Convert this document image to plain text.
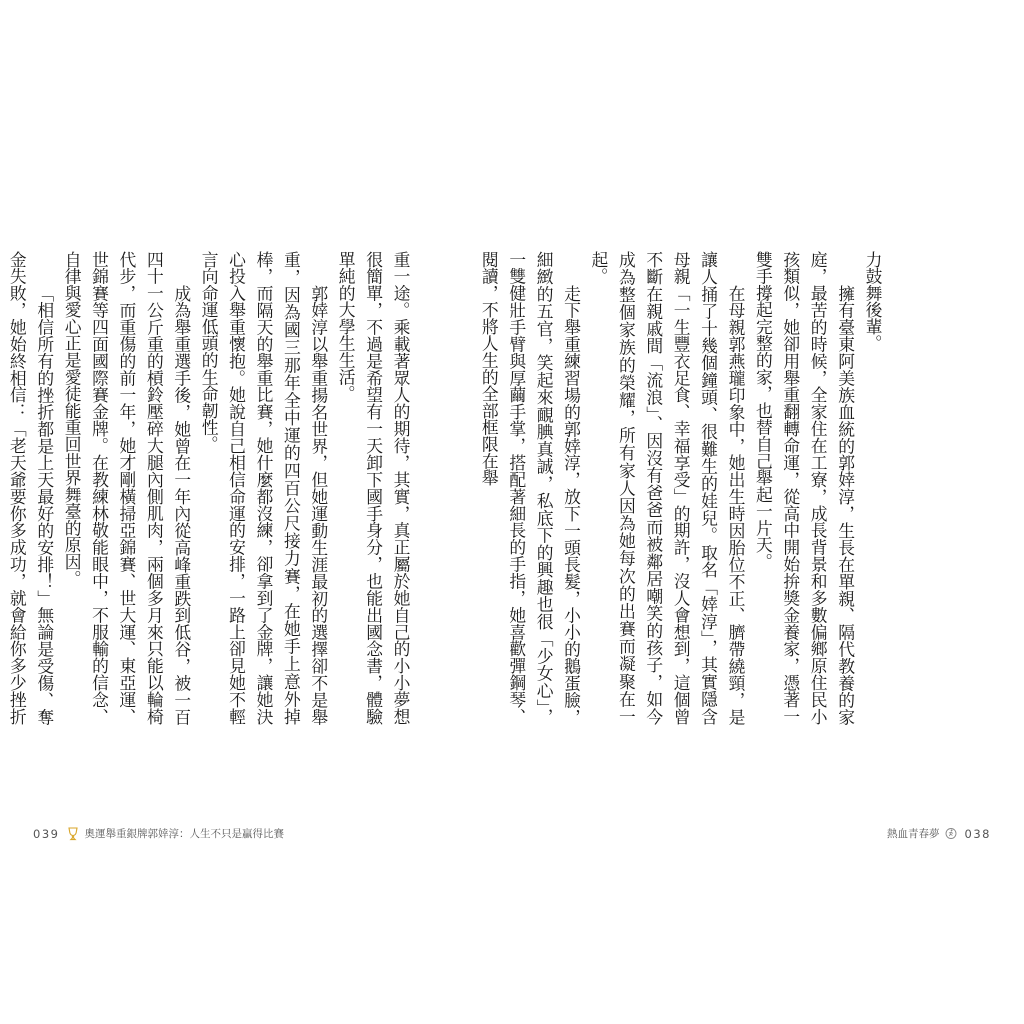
重一途。乘載著眾人的期待，其實，真正屬於她自己的小小夢想很簡單，不過是希望有一天卸下國手身分，也能出國念書，體驗單純的大學生生活。

郭婞淳以舉重揚名世界，但她運動生涯最初的選擇卻不是舉重，因為國三那年全中運的四百公尺接力賽，在她手上意外掉棒，而隔天的舉重比賽，她什麼都沒練，卻拿到了金牌，讓她決心投入舉重懷抱。她說自己相信命運的安排，一路上卻見她不輕言向命運低頭的生命韌性。

成為舉重選手後，她曾在一年內從高峰重跌到低谷，被一百四十一公斤重的槓鈴壓碎大腿內側肌肉，兩個多月來只能以輪椅代步，而重傷的前一年，她才剛橫掃亞錦賽、世大運、東亞運、世錦賽等四面國際賽金牌。在教練林敬能眼中，不服輸的信念、自律與愛心正是愛徒能重回世界舞臺的原因。

「相信所有的挫折都是上天最好的安排！」無論是受傷、奪金失敗，她始終相信：「老天爺要你多成功，就會給你多少挫折

039 奧運舉重銀牌郭婞淳：人生不只是贏得比賽

力鼓舞後輩。

擁有臺東阿美族血統的郭婞淳，生長在單親、隔代教養的家庭，最苦的時候，全家住在工寮，成長背景和多數偏鄉原住民小孩類似，她卻用舉重翻轉命運，從高中開始拚獎金養家，憑著一雙手撐起完整的家，也替自己舉起一片天。

在母親郭燕瓏印象中，她出生時因胎位不正、臍帶繞頸，是讓人捅了十幾個鐘頭、很難生的娃兒。取名「婞淳」，其實隱含母親「一生豐衣足食、幸福享受」的期許，沒人會想到，這個曾不斷在親戚間「流浪」、因沒有爸爸而被鄰居嘲笑的孩子，如今成為整個家族的榮耀，所有家人因為她每次的出賽而凝聚在一起。

走下舉重練習場的郭婞淳，放下一頭長髮，小小的鵝蛋臉，細緻的五官，笑起來靦腆真誠，私底下的興趣也很「少女心」，一雙健壯手臂與厚繭手掌，搭配著細長的手指，她喜歡彈鋼琴、閱讀，不將人生的全部框限在舉

熱血青春夢 038
